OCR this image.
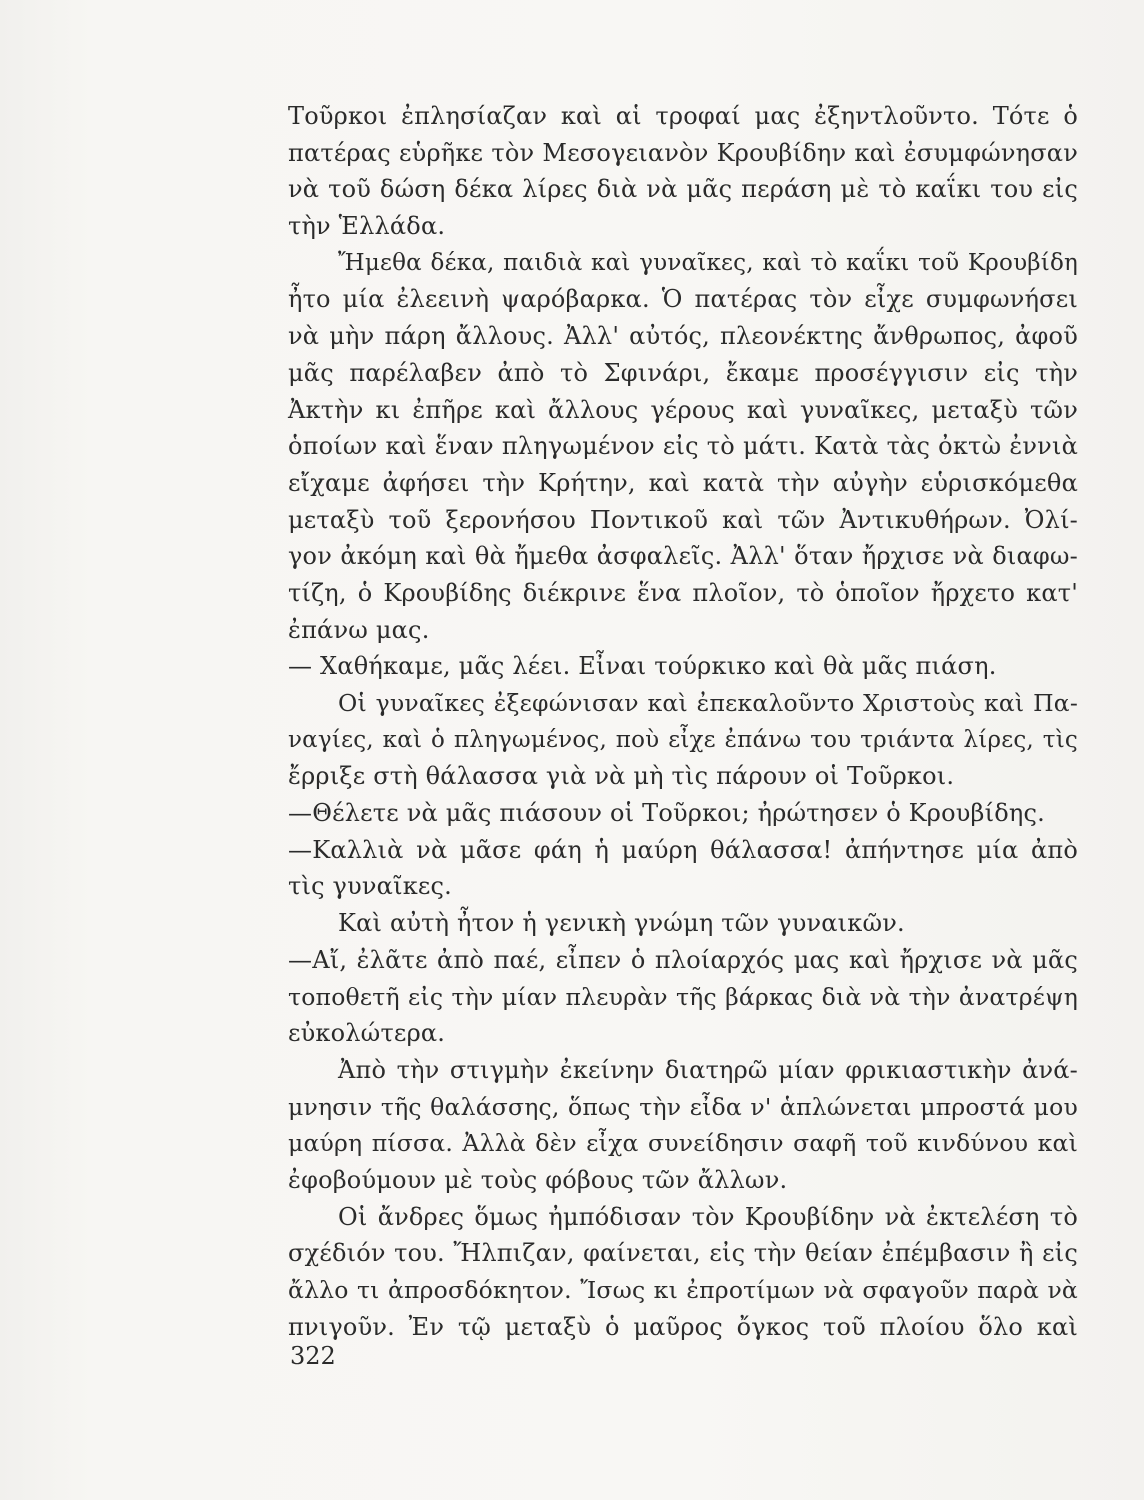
Τοῦρκοι ἐπλησίαζαν καὶ αἱ τροφαί μας ἐξηντλοῦντο. Τότε ὁ
πατέρας εὑρῆκε τὸν Μεσογειανὸν Κρουβίδην καὶ ἐσυμφώνησαν
νὰ τοῦ δώση δέκα λίρες διὰ νὰ μᾶς περάση μὲ τὸ καΐκι του εἰς
τὴν Ἑλλάδα.
Ἤμεθα δέκα, παιδιὰ καὶ γυναῖκες, καὶ τὸ καΐκι τοῦ Κρουβίδη
ἦτο μία ἐλεεινὴ ψαρόβαρκα. Ὁ πατέρας τὸν εἶχε συμφωνήσει
νὰ μὴν πάρη ἄλλους. Ἀλλ' αὐτός, πλεονέκτης ἄνθρωπος, ἀφοῦ
μᾶς παρέλαβεν ἀπὸ τὸ Σφινάρι, ἔκαμε προσέγγισιν εἰς τὴν
Ἀκτὴν κι ἐπῆρε καὶ ἄλλους γέρους καὶ γυναῖκες, μεταξὺ τῶν
ὁποίων καὶ ἕναν πληγωμένον εἰς τὸ μάτι. Κατὰ τὰς ὀκτὼ ἐννιὰ
εἴχαμε ἀφήσει τὴν Κρήτην, καὶ κατὰ τὴν αὐγὴν εὑρισκόμεθα
μεταξὺ τοῦ ξερονήσου Ποντικοῦ καὶ τῶν Ἀντικυθήρων. Ὀλί-
γον ἀκόμη καὶ θὰ ἤμεθα ἀσφαλεῖς. Ἀλλ' ὅταν ἤρχισε νὰ διαφω-
τίζη, ὁ Κρουβίδης διέκρινε ἕνα πλοῖον, τὸ ὁποῖον ἤρχετο κατ'
ἐπάνω μας.
— Χαθήκαμε, μᾶς λέει. Εἶναι τούρκικο καὶ θὰ μᾶς πιάση.
Οἱ γυναῖκες ἐξεφώνισαν καὶ ἐπεκαλοῦντο Χριστοὺς καὶ Πα-
ναγίες, καὶ ὁ πληγωμένος, ποὺ εἶχε ἐπάνω του τριάντα λίρες, τὶς
ἔρριξε στὴ θάλασσα γιὰ νὰ μὴ τὶς πάρουν οἱ Τοῦρκοι.
—Θέλετε νὰ μᾶς πιάσουν οἱ Τοῦρκοι; ἠρώτησεν ὁ Κρουβίδης.
—Καλλιὰ νὰ μᾶσε φάη ἡ μαύρη θάλασσα! ἀπήντησε μία ἀπὸ
τὶς γυναῖκες.
Καὶ αὐτὴ ἦτον ἡ γενικὴ γνώμη τῶν γυναικῶν.
—Αἴ, ἐλᾶτε ἀπὸ παέ, εἶπεν ὁ πλοίαρχός μας καὶ ἤρχισε νὰ μᾶς
τοποθετῆ εἰς τὴν μίαν πλευρὰν τῆς βάρκας διὰ νὰ τὴν ἀνατρέψη
εὐκολώτερα.
Ἀπὸ τὴν στιγμὴν ἐκείνην διατηρῶ μίαν φρικιαστικὴν ἀνά-
μνησιν τῆς θαλάσσης, ὅπως τὴν εἶδα ν' ἁπλώνεται μπροστά μου
μαύρη πίσσα. Ἀλλὰ δὲν εἶχα συνείδησιν σαφῆ τοῦ κινδύνου καὶ
ἐφοβούμουν μὲ τοὺς φόβους τῶν ἄλλων.
Οἱ ἄνδρες ὅμως ἠμπόδισαν τὸν Κρουβίδην νὰ ἐκτελέση τὸ
σχέδιόν του. Ἤλπιζαν, φαίνεται, εἰς τὴν θείαν ἐπέμβασιν ἢ εἰς
ἄλλο τι ἀπροσδόκητον. Ἴσως κι ἐπροτίμων νὰ σφαγοῦν παρὰ νὰ
πνιγοῦν. Ἐν τῷ μεταξὺ ὁ μαῦρος ὄγκος τοῦ πλοίου ὅλο καὶ
322
